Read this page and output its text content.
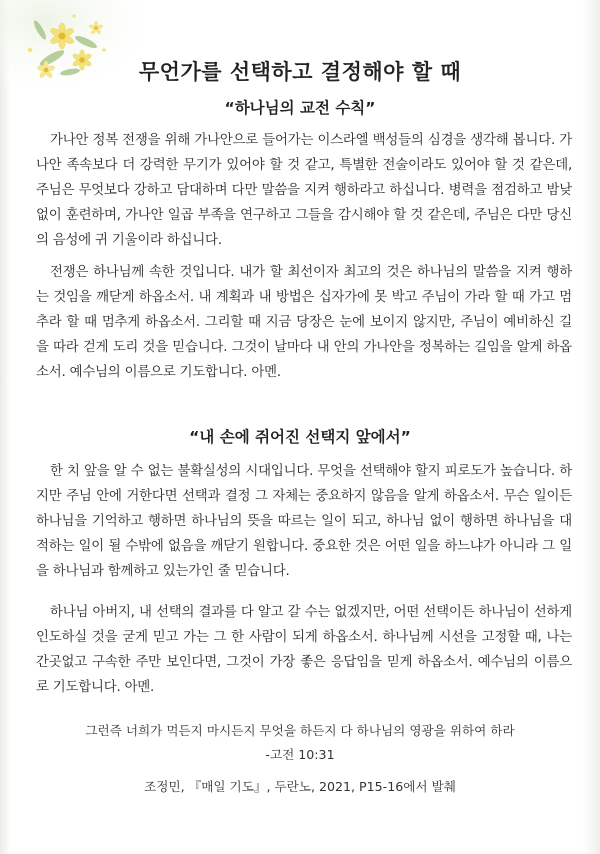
무언가를 선택하고 결정해야 할 때
“하나님의 교전 수칙”

가나안 정복 전쟁을 위해 가나안으로 들어가는 이스라엘 백성들의 심경을 생각해 봅니다. 가나안 족속보다 더 강력한 무기가 있어야 할 것 같고, 특별한 전술이라도 있어야 할 것 같은데, 주님은 무엇보다 강하고 담대하며 다만 말씀을 지켜 행하라고 하십니다. 병력을 점검하고 밤낮 없이 훈련하며, 가나안 일곱 부족을 연구하고 그들을 감시해야 할 것 같은데, 주님은 다만 당신의 음성에 귀 기울이라 하십니다.

전쟁은 하나님께 속한 것입니다. 내가 할 최선이자 최고의 것은 하나님의 말씀을 지켜 행하는 것임을 깨닫게 하옵소서. 내 계획과 내 방법은 십자가에 못 박고 주님이 가라 할 때 가고 멈추라 할 때 멈추게 하옵소서. 그리할 때 지금 당장은 눈에 보이지 않지만, 주님이 예비하신 길을 따라 걷게 도리 것을 믿습니다. 그것이 날마다 내 안의 가나안을 정복하는 길임을 알게 하옵소서. 예수님의 이름으로 기도합니다. 아멘.

“내 손에 쥐어진 선택지 앞에서”

한 치 앞을 알 수 없는 불확실성의 시대입니다. 무엇을 선택해야 할지 피로도가 높습니다. 하지만 주님 안에 거한다면 선택과 결정 그 자체는 중요하지 않음을 알게 하옵소서. 무슨 일이든 하나님을 기억하고 행하면 하나님의 뜻을 따르는 일이 되고, 하나님 없이 행하면 하나님을 대적하는 일이 될 수밖에 없음을 깨닫기 원합니다. 중요한 것은 어떤 일을 하느냐가 아니라 그 일을 하나님과 함께하고 있는가인 줄 믿습니다.

하나님 아버지, 내 선택의 결과를 다 알고 갈 수는 없겠지만, 어떤 선택이든 하나님이 선하게 인도하실 것을 굳게 믿고 가는 그 한 사람이 되게 하옵소서. 하나님께 시선을 고정할 때, 나는 간곳없고 구속한 주만 보인다면, 그것이 가장 좋은 응답임을 믿게 하옵소서. 예수님의 이름으로 기도합니다. 아멘.

그런즉 너희가 먹든지 마시든지 무엇을 하든지 다 하나님의 영광을 위하여 하라
-고전 10:31
조정민, 『매일 기도』, 두란노, 2021, P15-16에서 발췌
